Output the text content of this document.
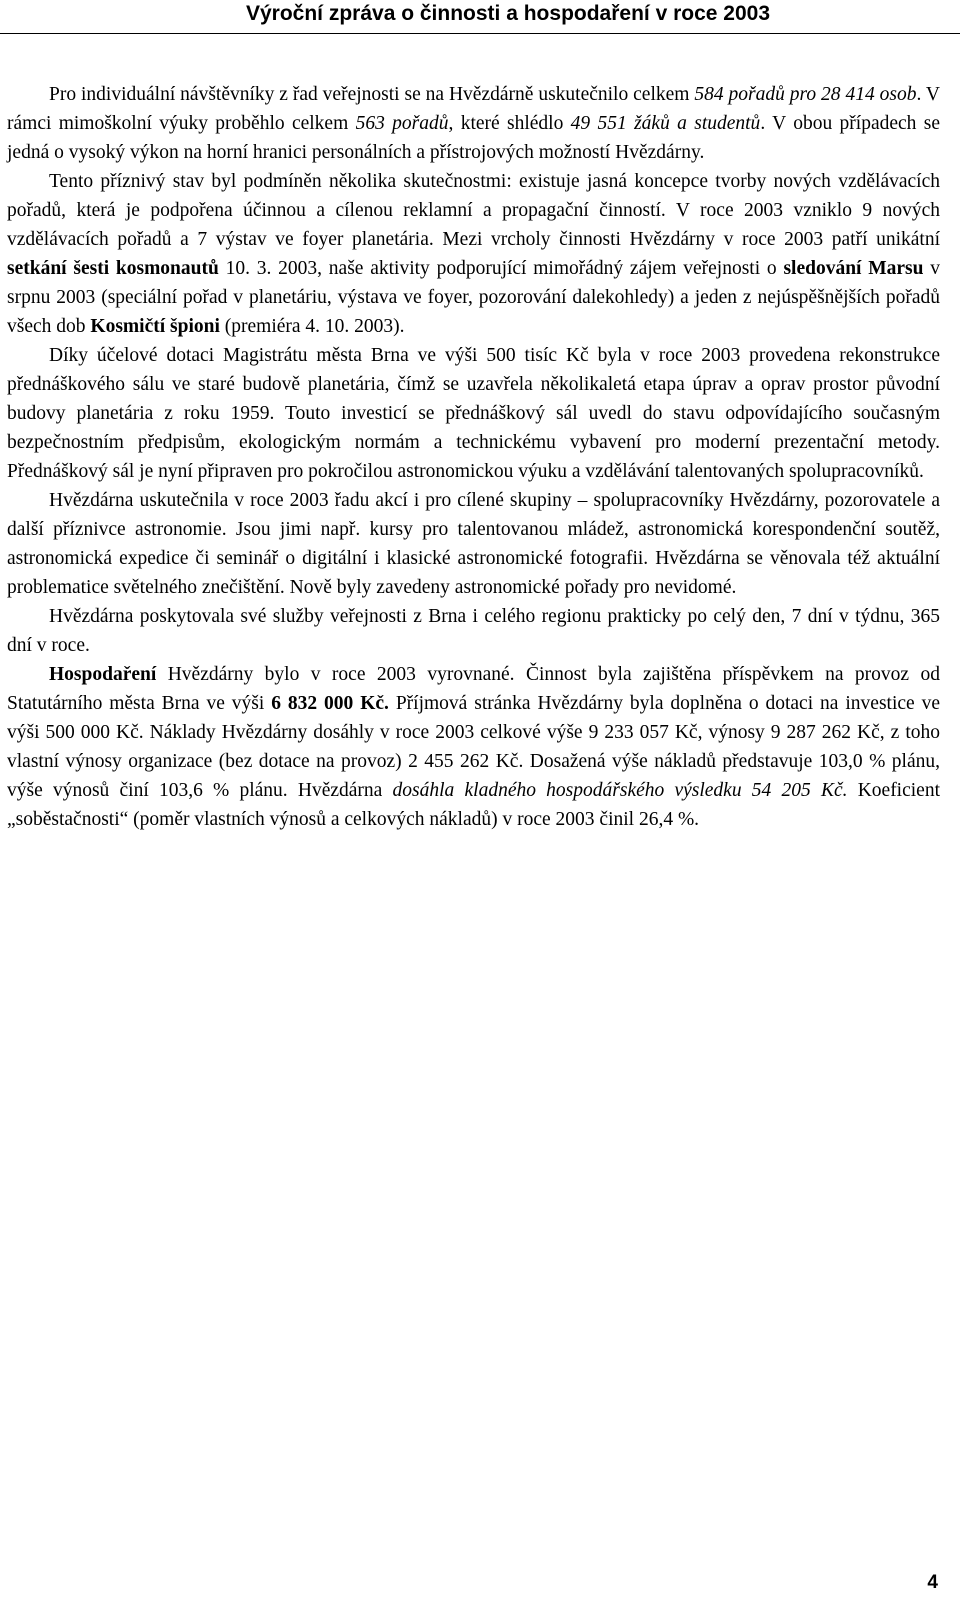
Výroční zpráva o činnosti a hospodaření v roce 2003

Pro individuální návštěvníky z řad veřejnosti se na Hvězdárně uskutečnilo celkem 584 pořadů pro 28 414 osob. V rámci mimoškolní výuky proběhlo celkem 563 pořadů, které shlédlo 49 551 žáků a studentů. V obou případech se jedná o vysoký výkon na horní hranici personálních a přístrojových možností Hvězdárny.

Tento příznivý stav byl podmíněn několika skutečnostmi: existuje jasná koncepce tvorby nových vzdělávacích pořadů, která je podpořena účinnou a cílenou reklamní a propagační činností. V roce 2003 vzniklo 9 nových vzdělávacích pořadů a 7 výstav ve foyer planetária. Mezi vrcholy činnosti Hvězdárny v roce 2003 patří unikátní setkání šesti kosmonautů 10. 3. 2003, naše aktivity podporující mimořádný zájem veřejnosti o sledování Marsu v srpnu 2003 (speciální pořad v planetáriu, výstava ve foyer, pozorování dalekohledy) a jeden z nejúspěšnějších pořadů všech dob Kosmičtí špioni (premiéra 4. 10. 2003).

Díky účelové dotaci Magistrátu města Brna ve výši 500 tisíc Kč byla v roce 2003 provedena rekonstrukce přednáškového sálu ve staré budově planetária, čímž se uzavřela několikaletá etapa úprav a oprav prostor původní budovy planetária z roku 1959. Touto investicí se přednáškový sál uvedl do stavu odpovídajícího současným bezpečnostním předpisům, ekologickým normám a technickému vybavení pro moderní prezentační metody. Přednáškový sál je nyní připraven pro pokročilou astronomickou výuku a vzdělávání talentovaných spolupracovníků.

Hvězdárna uskutečnila v roce 2003 řadu akcí i pro cílené skupiny – spolupracovníky Hvězdárny, pozorovatele a další příznivce astronomie. Jsou jimi např. kursy pro talentovanou mládež, astronomická korespondenční soutěž, astronomická expedice či seminář o digitální i klasické astronomické fotografii. Hvězdárna se věnovala též aktuální problematice světelného znečištění. Nově byly zavedeny astronomické pořady pro nevidomé.

Hvězdárna poskytovala své služby veřejnosti z Brna i celého regionu prakticky po celý den, 7 dní v týdnu, 365 dní v roce.

Hospodaření Hvězdárny bylo v roce 2003 vyrovnané. Činnost byla zajištěna příspěvkem na provoz od Statutárního města Brna ve výši 6 832 000 Kč. Příjmová stránka Hvězdárny byla doplněna o dotaci na investice ve výši 500 000 Kč. Náklady Hvězdárny dosáhly v roce 2003 celkové výše 9 233 057 Kč, výnosy 9 287 262 Kč, z toho vlastní výnosy organizace (bez dotace na provoz) 2 455 262 Kč. Dosažená výše nákladů představuje 103,0 % plánu, výše výnosů činí 103,6 % plánu. Hvězdárna dosáhla kladného hospodářského výsledku 54 205 Kč. Koeficient „soběstačnosti“ (poměr vlastních výnosů a celkových nákladů) v roce 2003 činil 26,4 %.

4
